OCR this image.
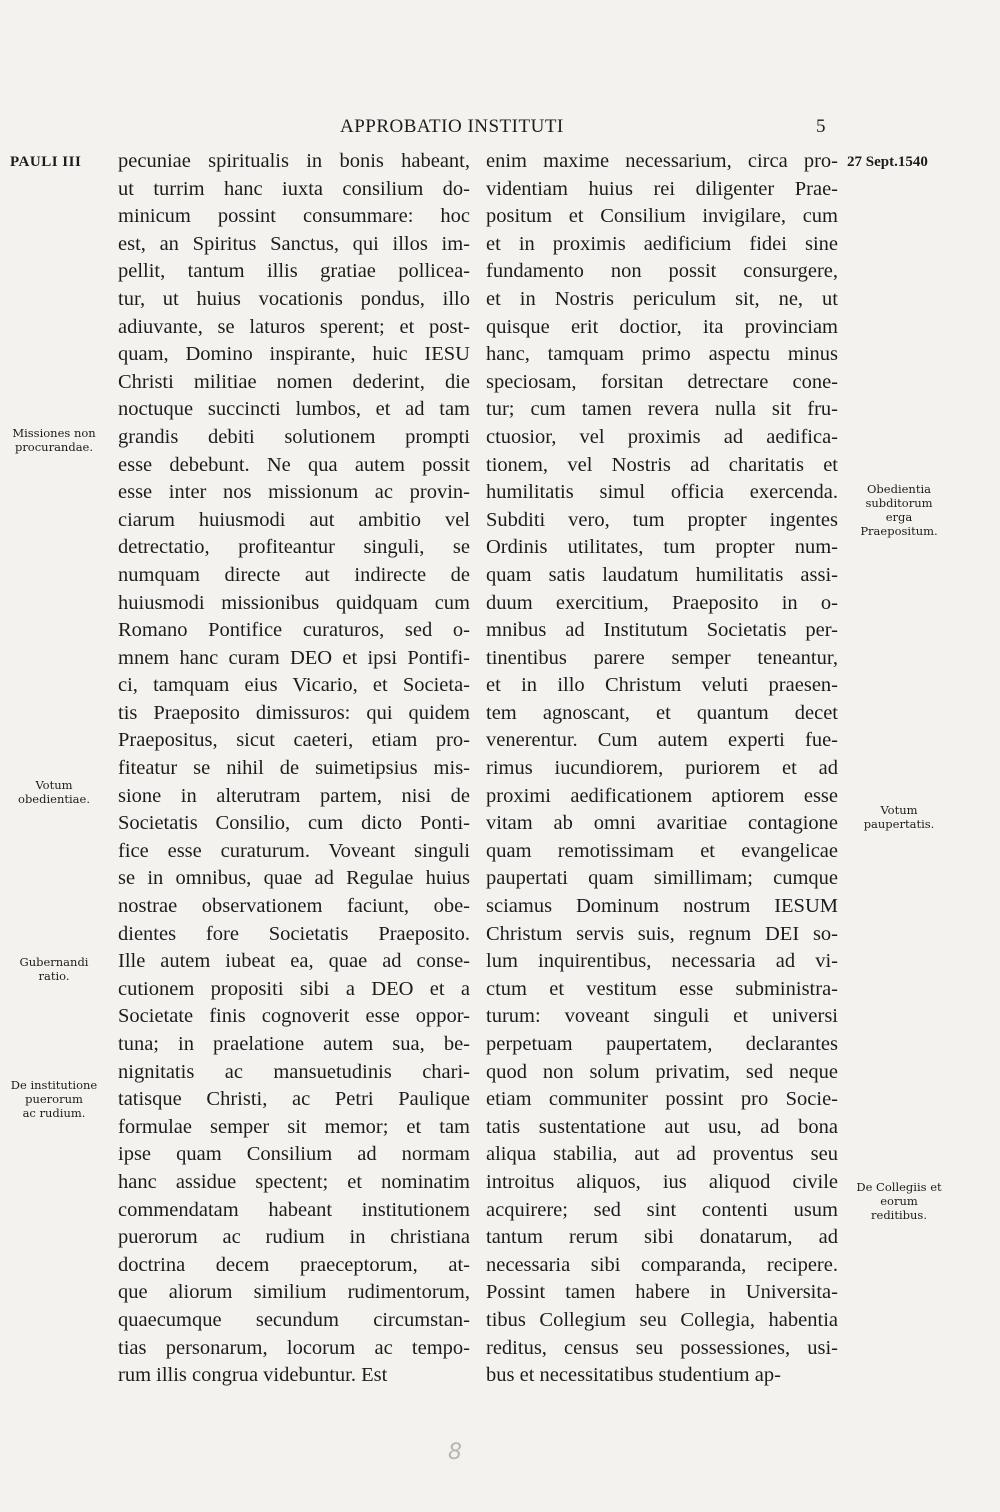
PAULI III
APPROBATIO INSTITUTI	5
27 Sept.1540
pecuniae spiritualis in bonis habeant,
ut turrim hanc iuxta consilium do-
minicum possint consummare: hoc
est, an Spiritus Sanctus, qui illos im-
pellit, tantum illis gratiae pollicea-
tur, ut huius vocationis pondus, illo
adiuvante, se laturos sperent; et post-
quam, Domino inspirante, huic IESU
Christi militiae nomen dederint, die
noctuque succincti lumbos, et ad tam
grandis debiti solutionem prompti
esse debebunt. Ne qua autem possit
esse inter nos missionum ac provin-
ciarum huiusmodi aut ambitio vel
detrectatio, profiteantur singuli, se
numquam directe aut indirecte de
huiusmodi missionibus quidquam cum
Romano Pontifice curaturos, sed o-
mnem hanc curam DEO et ipsi Pontifi-
ci, tamquam eius Vicario, et Societa-
tis Praeposito dimissuros: qui quidem
Praepositus, sicut caeteri, etiam pro-
fiteatur se nihil de suimetipsius mis-
sione in alterutram partem, nisi de
Societatis Consilio, cum dicto Ponti-
fice esse curaturum. Voveant singuli
se in omnibus, quae ad Regulae huius
nostrae observationem faciunt, obe-
dientes fore Societatis Praeposito.
Ille autem iubeat ea, quae ad conse-
cutionem propositi sibi a DEO et a
Societate finis cognoverit esse oppor-
tuna; in praelatione autem sua, be-
nignitatis ac mansuetudinis chari-
tatisque Christi, ac Petri Paulique
formulae semper sit memor; et tam
ipse quam Consilium ad normam
hanc assidue spectent; et nominatim
commendatam habeant institutionem
puerorum ac rudium in christiana
doctrina decem praeceptorum, at-
que aliorum similium rudimentorum,
quaecumque secundum circumstan-
tias personarum, locorum ac tempo-
rum illis congrua videbuntur. Est
enim maxime necessarium, circa pro-
videntiam huius rei diligenter Prae-
positum et Consilium invigilare, cum
et in proximis aedificium fidei sine
fundamento non possit consurgere,
et in Nostris periculum sit, ne, ut
quisque erit doctior, ita provinciam
hanc, tamquam primo aspectu minus
speciosam, forsitan detrectare cone-
tur; cum tamen revera nulla sit fru-
ctuosior, vel proximis ad aedifica-
tionem, vel Nostris ad charitatis et
humilitatis simul officia exercenda.
Subditi vero, tum propter ingentes
Ordinis utilitates, tum propter num-
quam satis laudatum humilitatis assi-
duum exercitium, Praeposito in o-
mnibus ad Institutum Societatis per-
tinentibus parere semper teneantur,
et in illo Christum veluti praesen-
tem agnoscant, et quantum decet
venerentur. Cum autem experti fue-
rimus iucundiorem, puriorem et ad
proximi aedificationem aptiorem esse
vitam ab omni avaritiae contagione
quam remotissimam et evangelicae
paupertati quam simillimam; cumque
sciamus Dominum nostrum IESUM
Christum servis suis, regnum DEI so-
lum inquirentibus, necessaria ad vi-
ctum et vestitum esse subministra-
turum: voveant singuli et universi
perpetuam paupertatem, declarantes
quod non solum privatim, sed neque
etiam communiter possint pro Socie-
tatis sustentatione aut usu, ad bona
aliqua stabilia, aut ad proventus seu
introitus aliquos, ius aliquod civile
acquirere; sed sint contenti usum
tantum rerum sibi donatarum, ad
necessaria sibi comparanda, recipere.
Possint tamen habere in Universita-
tibus Collegium seu Collegia, habentia
reditus, census seu possessiones, usi-
bus et necessitatibus studentium ap-
Missiones non
procurandae.
Votum
obedientiae.
Gubernandi
ratio.
De institutione
puerorum
ac rudium.
Obedientia
subditorum
erga
Praepositum.
Votum
paupertatis.
De Collegiis et
eorum
reditibus.
8
